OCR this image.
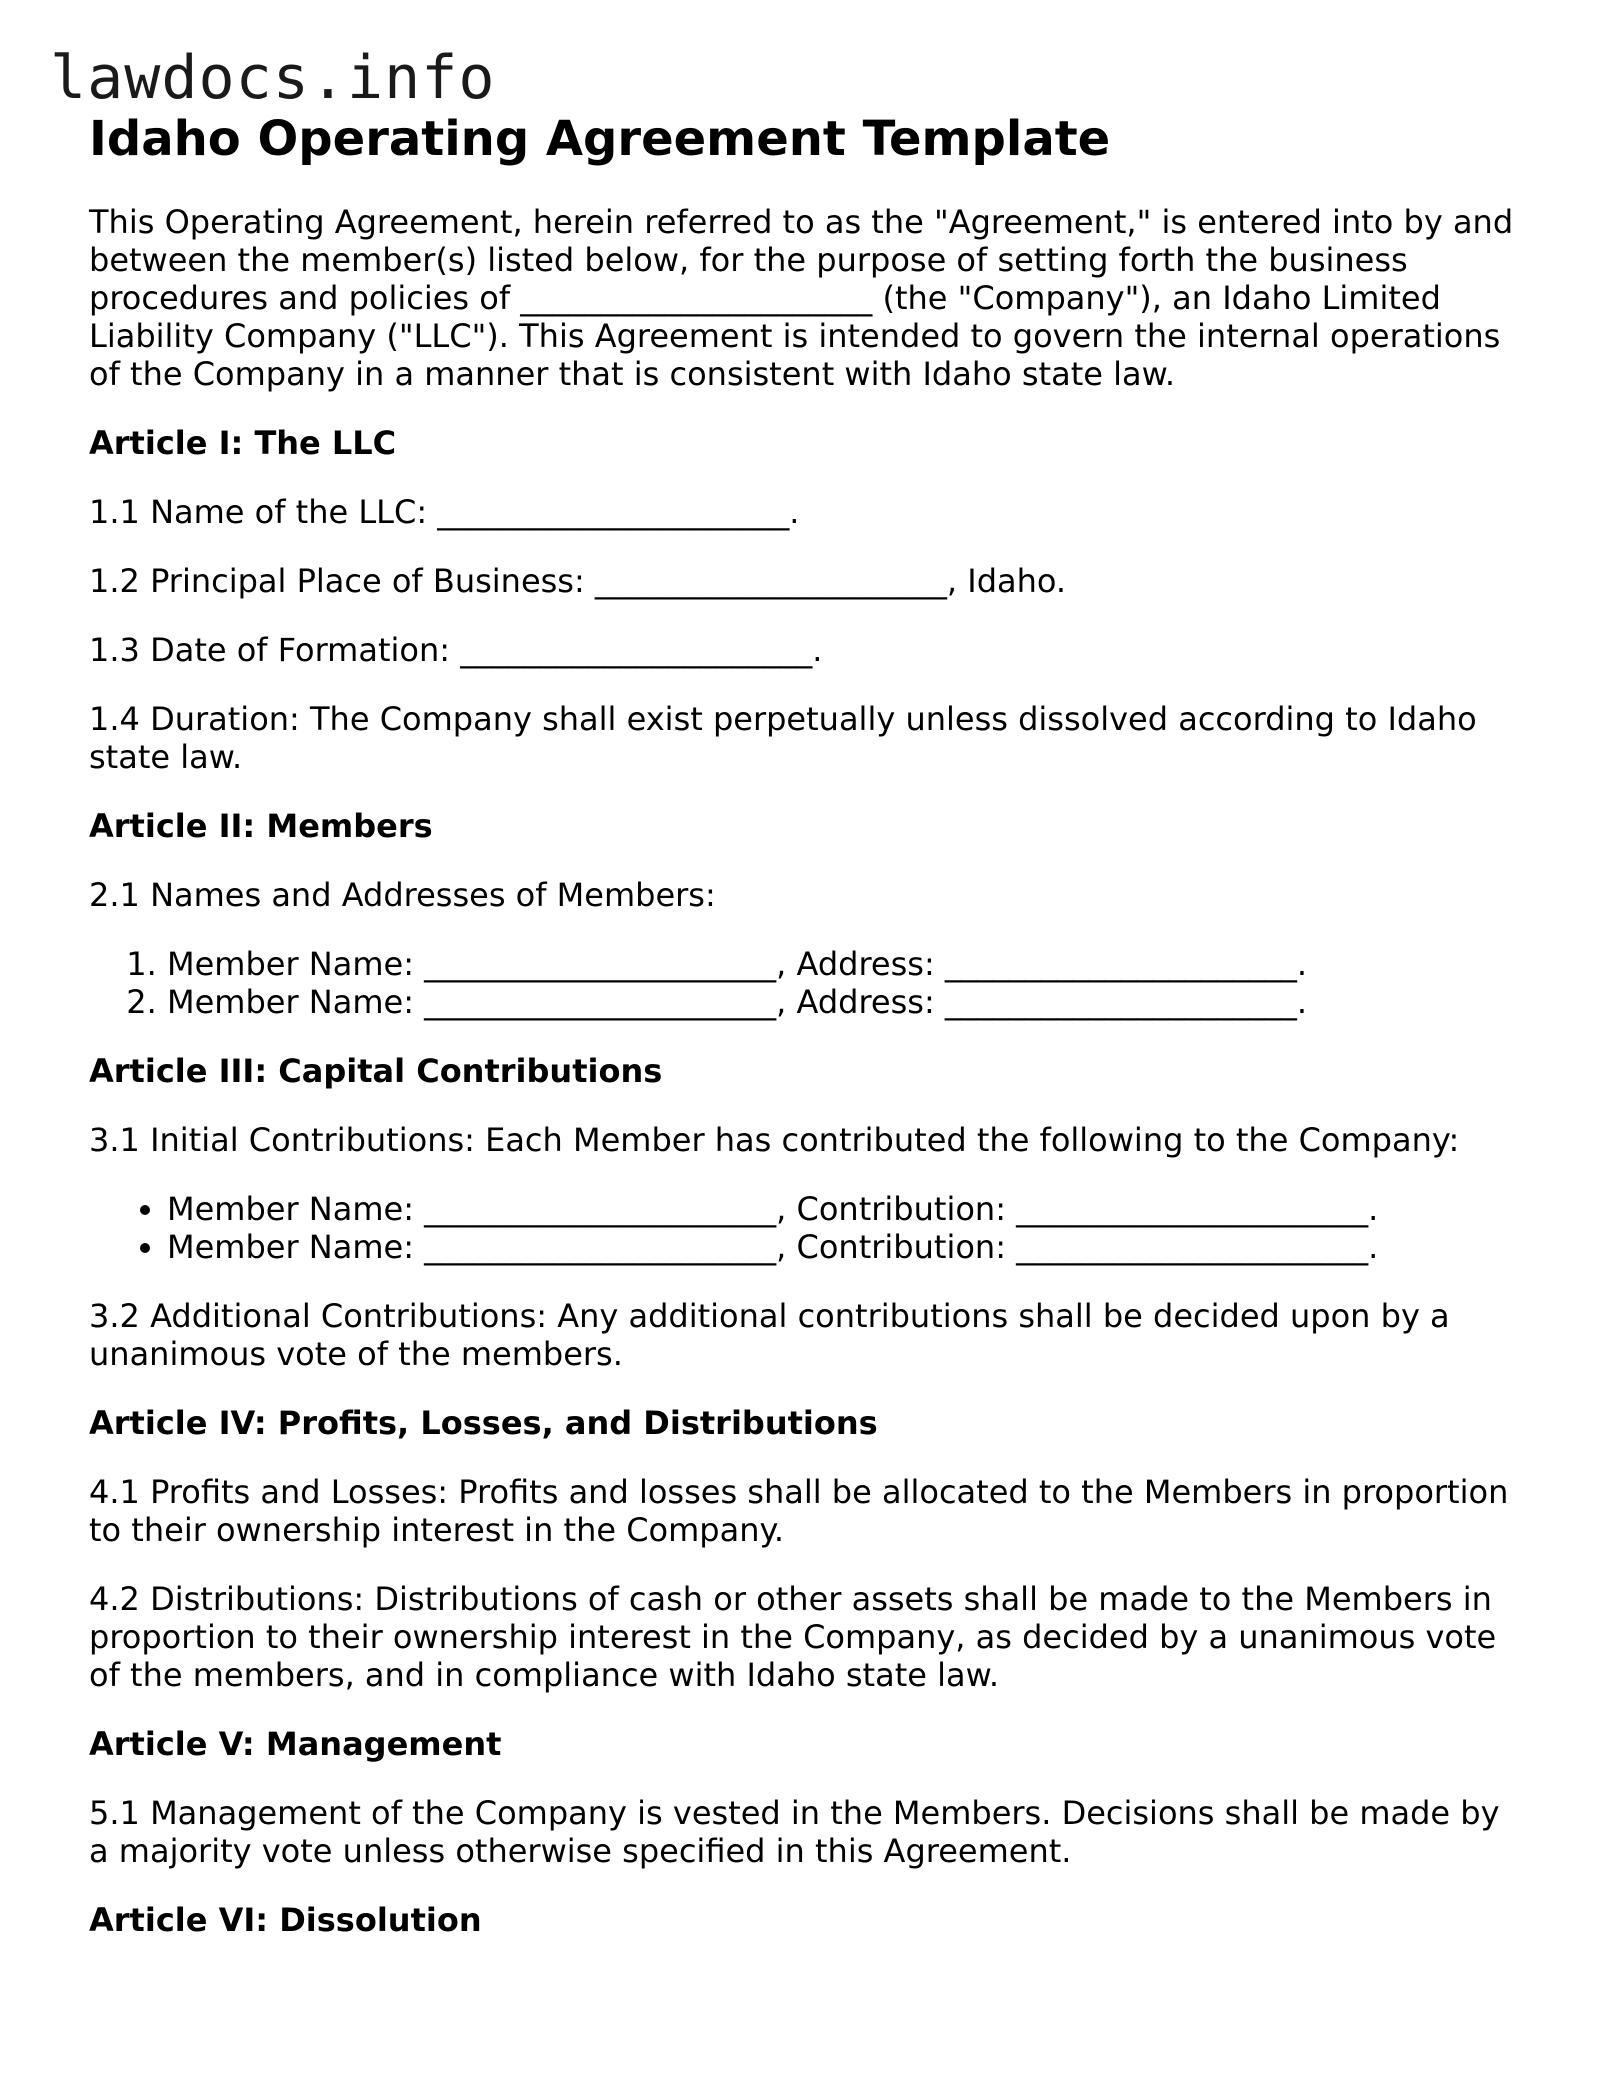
lawdocs.info
Idaho Operating Agreement Template

This Operating Agreement, herein referred to as the "Agreement," is entered into by and between the member(s) listed below, for the purpose of setting forth the business procedures and policies of ______________________ (the "Company"), an Idaho Limited Liability Company ("LLC"). This Agreement is intended to govern the internal operations of the Company in a manner that is consistent with Idaho state law.

Article I: The LLC

1.1 Name of the LLC: ______________________.

1.2 Principal Place of Business: ______________________, Idaho.

1.3 Date of Formation: ______________________.

1.4 Duration: The Company shall exist perpetually unless dissolved according to Idaho state law.

Article II: Members

2.1 Names and Addresses of Members:

1. Member Name: ______________________, Address: ______________________.
2. Member Name: ______________________, Address: ______________________.
Article III: Capital Contributions

3.1 Initial Contributions: Each Member has contributed the following to the Company:

• Member Name: ______________________, Contribution: ______________________.
• Member Name: ______________________, Contribution: ______________________.

3.2 Additional Contributions: Any additional contributions shall be decided upon by a unanimous vote of the members.

Article IV: Profits, Losses, and Distributions

4.1 Profits and Losses: Profits and losses shall be allocated to the Members in proportion to their ownership interest in the Company.

4.2 Distributions: Distributions of cash or other assets shall be made to the Members in proportion to their ownership interest in the Company, as decided by a unanimous vote of the members, and in compliance with Idaho state law.

Article V: Management

5.1 Management of the Company is vested in the Members. Decisions shall be made by a majority vote unless otherwise specified in this Agreement.

Article VI: Dissolution
